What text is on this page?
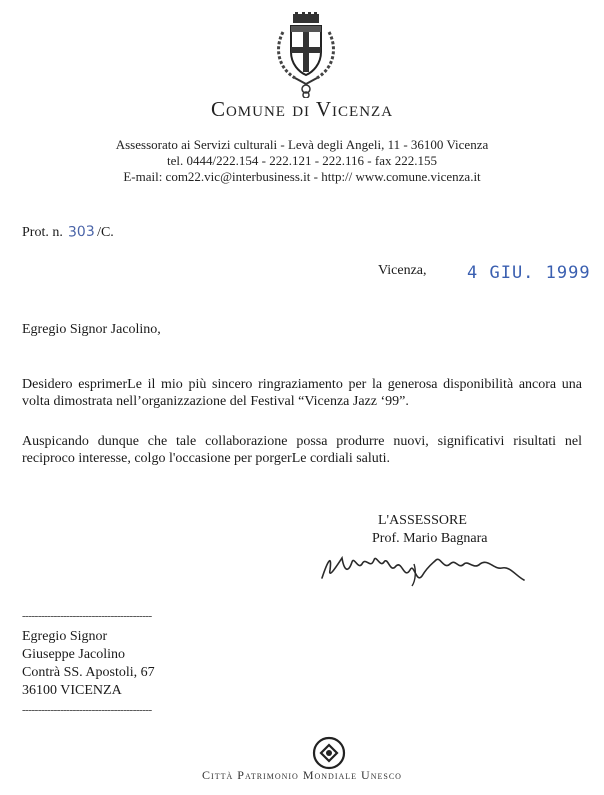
Comune di Vicenza
Assessorato ai Servizi culturali - Levà degli Angeli, 11 - 36100 Vicenza
tel. 0444/222.154 - 222.121 - 222.116 - fax 222.155
E-mail: com22.vic@interbusiness.it - http:// www.comune.vicenza.it
Prot. n. 303 /C.
Vicenza, 4 GIU. 1999
Egregio Signor Jacolino,
Desidero esprimerLe il mio più sincero ringraziamento per la generosa disponibilità ancora una volta dimostrata nell’organizzazione del Festival “Vicenza Jazz ‘99”.
Auspicando dunque che tale collaborazione possa produrre nuovi, significativi risultati nel reciproco interesse, colgo l'occasione per porgerLe cordiali saluti.
L'ASSESSORE
Prof. Mario Bagnara
-----------------------------------------
Egregio Signor
Giuseppe Jacolino
Contrà SS. Apostoli, 67
36100 VICENZA
-----------------------------------------
Città Patrimonio Mondiale Unesco
